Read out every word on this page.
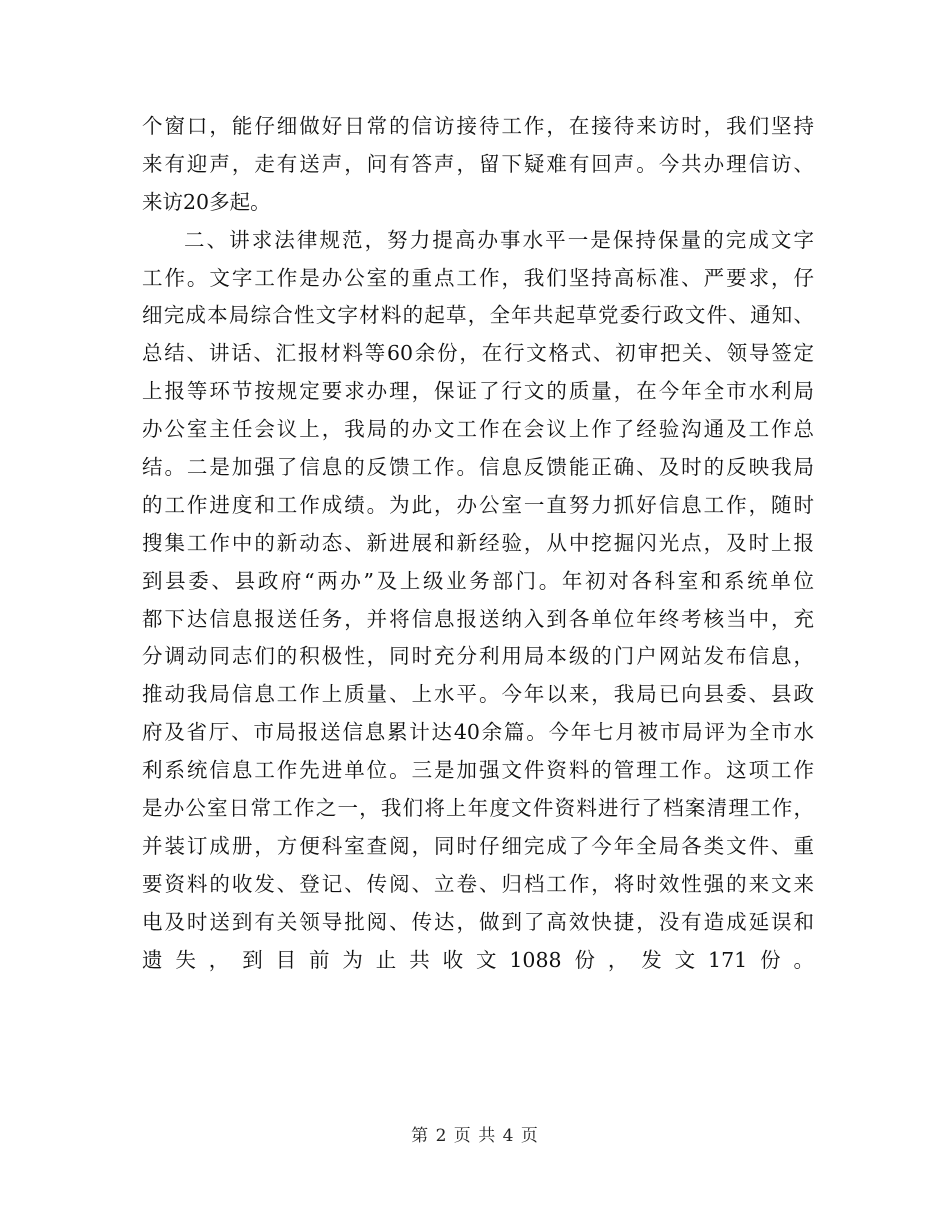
个窗口，能仔细做好日常的信访接待工作，在接待来访时，我们坚持
来有迎声，走有送声，问有答声，留下疑难有回声。今共办理信访、
来访20多起。
二、讲求法律规范，努力提高办事水平一是保持保量的完成文字
工作。文字工作是办公室的重点工作，我们坚持高标准、严要求，仔
细完成本局综合性文字材料的起草，全年共起草党委行政文件、通知、
总结、讲话、汇报材料等60余份，在行文格式、初审把关、领导签定
上报等环节按规定要求办理，保证了行文的质量，在今年全市水利局
办公室主任会议上，我局的办文工作在会议上作了经验沟通及工作总
结。二是加强了信息的反馈工作。信息反馈能正确、及时的反映我局
的工作进度和工作成绩。为此，办公室一直努力抓好信息工作，随时
搜集工作中的新动态、新进展和新经验，从中挖掘闪光点，及时上报
到县委、县政府“两办”及上级业务部门。年初对各科室和系统单位
都下达信息报送任务，并将信息报送纳入到各单位年终考核当中，充
分调动同志们的积极性，同时充分利用局本级的门户网站发布信息，
推动我局信息工作上质量、上水平。今年以来，我局已向县委、县政
府及省厅、市局报送信息累计达40余篇。今年七月被市局评为全市水
利系统信息工作先进单位。三是加强文件资料的管理工作。这项工作
是办公室日常工作之一，我们将上年度文件资料进行了档案清理工作，
并装订成册，方便科室查阅，同时仔细完成了今年全局各类文件、重
要资料的收发、登记、传阅、立卷、归档工作，将时效性强的来文来
电及时送到有关领导批阅、传达，做到了高效快捷，没有造成延误和
遗失，到目前为止共收文1088份，发文171份。
第 2 页 共 4 页
